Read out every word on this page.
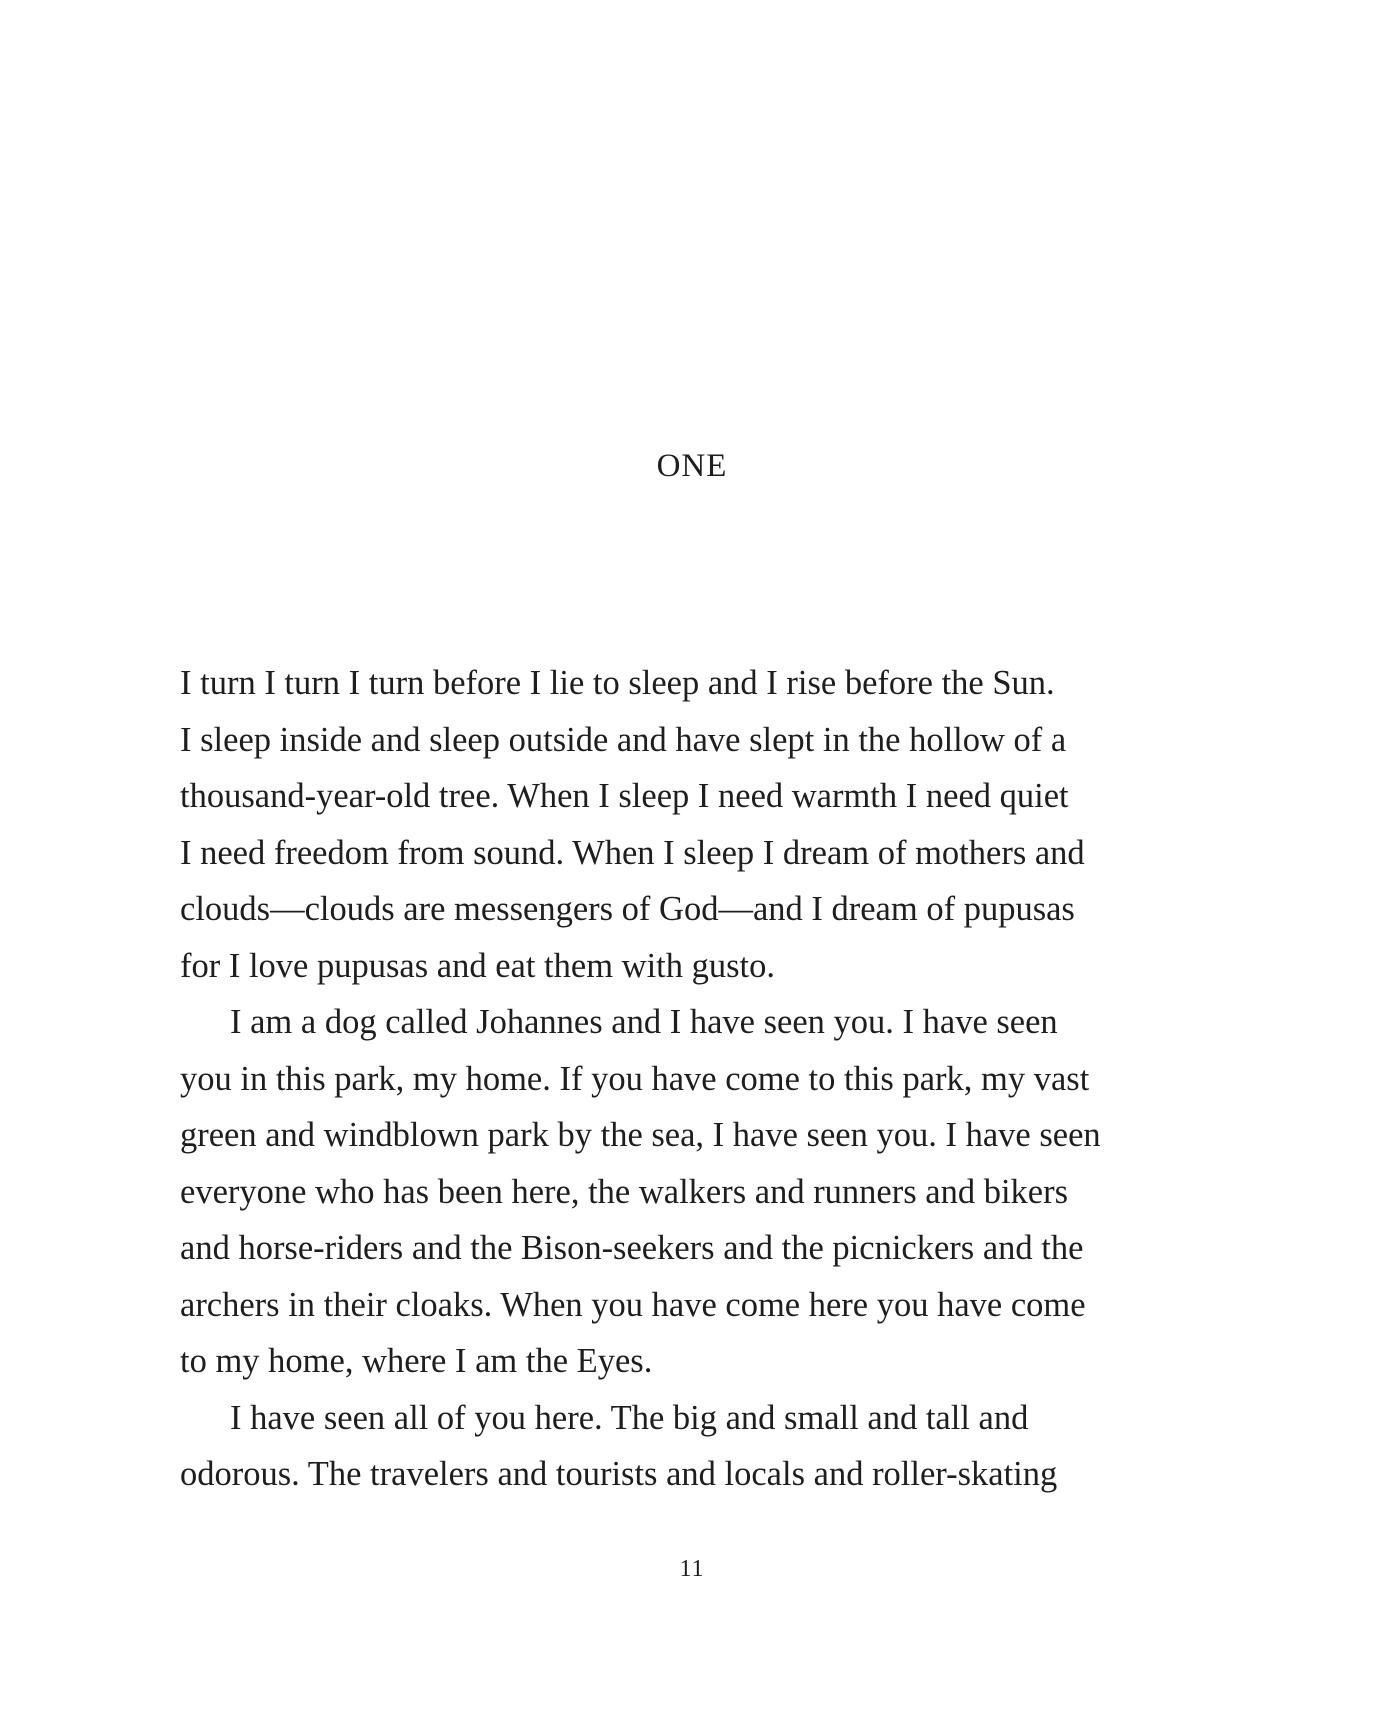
ONE

I turn I turn I turn before I lie to sleep and I rise before the Sun.

I sleep inside and sleep outside and have slept in the hollow of a

thousand-year-old tree. When I sleep I need warmth I need quiet

I need freedom from sound. When I sleep I dream of mothers and

clouds—clouds are messengers of God—and I dream of pupusas

for I love pupusas and eat them with gusto.

I am a dog called Johannes and I have seen you. I have seen

you in this park, my home. If you have come to this park, my vast

green and windblown park by the sea, I have seen you. I have seen

everyone who has been here, the walkers and runners and bikers

and horse-riders and the Bison-seekers and the picnickers and the

archers in their cloaks. When you have come here you have come

to my home, where I am the Eyes.

I have seen all of you here. The big and small and tall and

odorous. The travelers and tourists and locals and roller-skating

11
